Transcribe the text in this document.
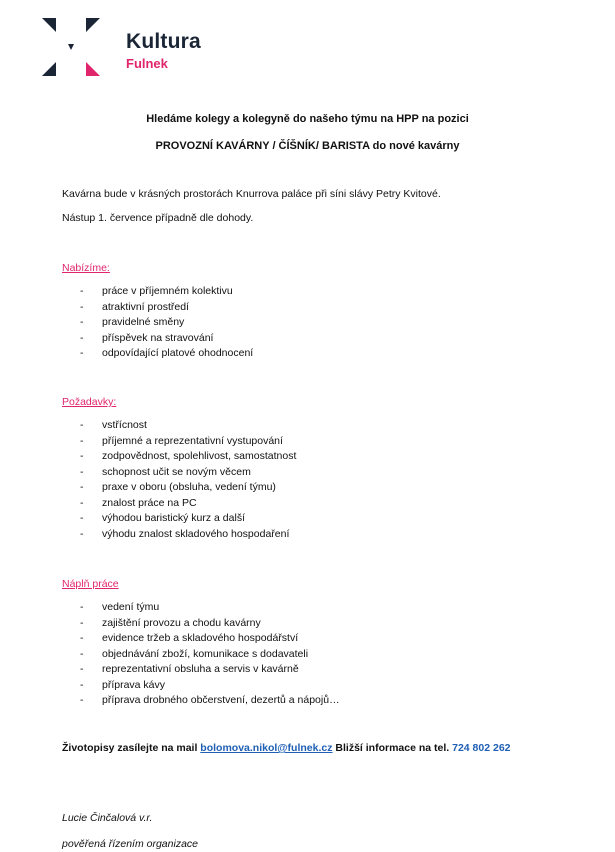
Kultura
Fulnek
Hledáme kolegy a kolegyně do našeho týmu na HPP na pozici
PROVOZNÍ KAVÁRNY / ČÍŠNÍK/ BARISTA do nové kavárny
Kavárna bude v krásných prostorách Knurrova paláce při síni slávy Petry Kvitové.
Nástup 1. července případně dle dohody.
Nabízíme:
- práce v příjemném kolektivu
- atraktivní prostředí
- pravidelné směny
- příspěvek na stravování
- odpovídající platové ohodnocení
Požadavky:
- vstřícnost
- příjemné a reprezentativní vystupování
- zodpovědnost, spolehlivost, samostatnost
- schopnost učit se novým věcem
- praxe v oboru (obsluha, vedení týmu)
- znalost práce na PC
- výhodou baristický kurz a další
- výhodu znalost skladového hospodaření
Náplň práce
- vedení týmu
- zajištění provozu a chodu kavárny
- evidence tržeb a skladového hospodářství
- objednávání zboží, komunikace s dodavateli
- reprezentativní obsluha a servis v kavárně
- příprava kávy
- příprava drobného občerstvení, dezertů a nápojů…
Životopisy zasílejte na mail bolomova.nikol@fulnek.cz Bližší informace na tel. 724 802 262
Lucie Činčalová v.r.
pověřená řízením organizace
